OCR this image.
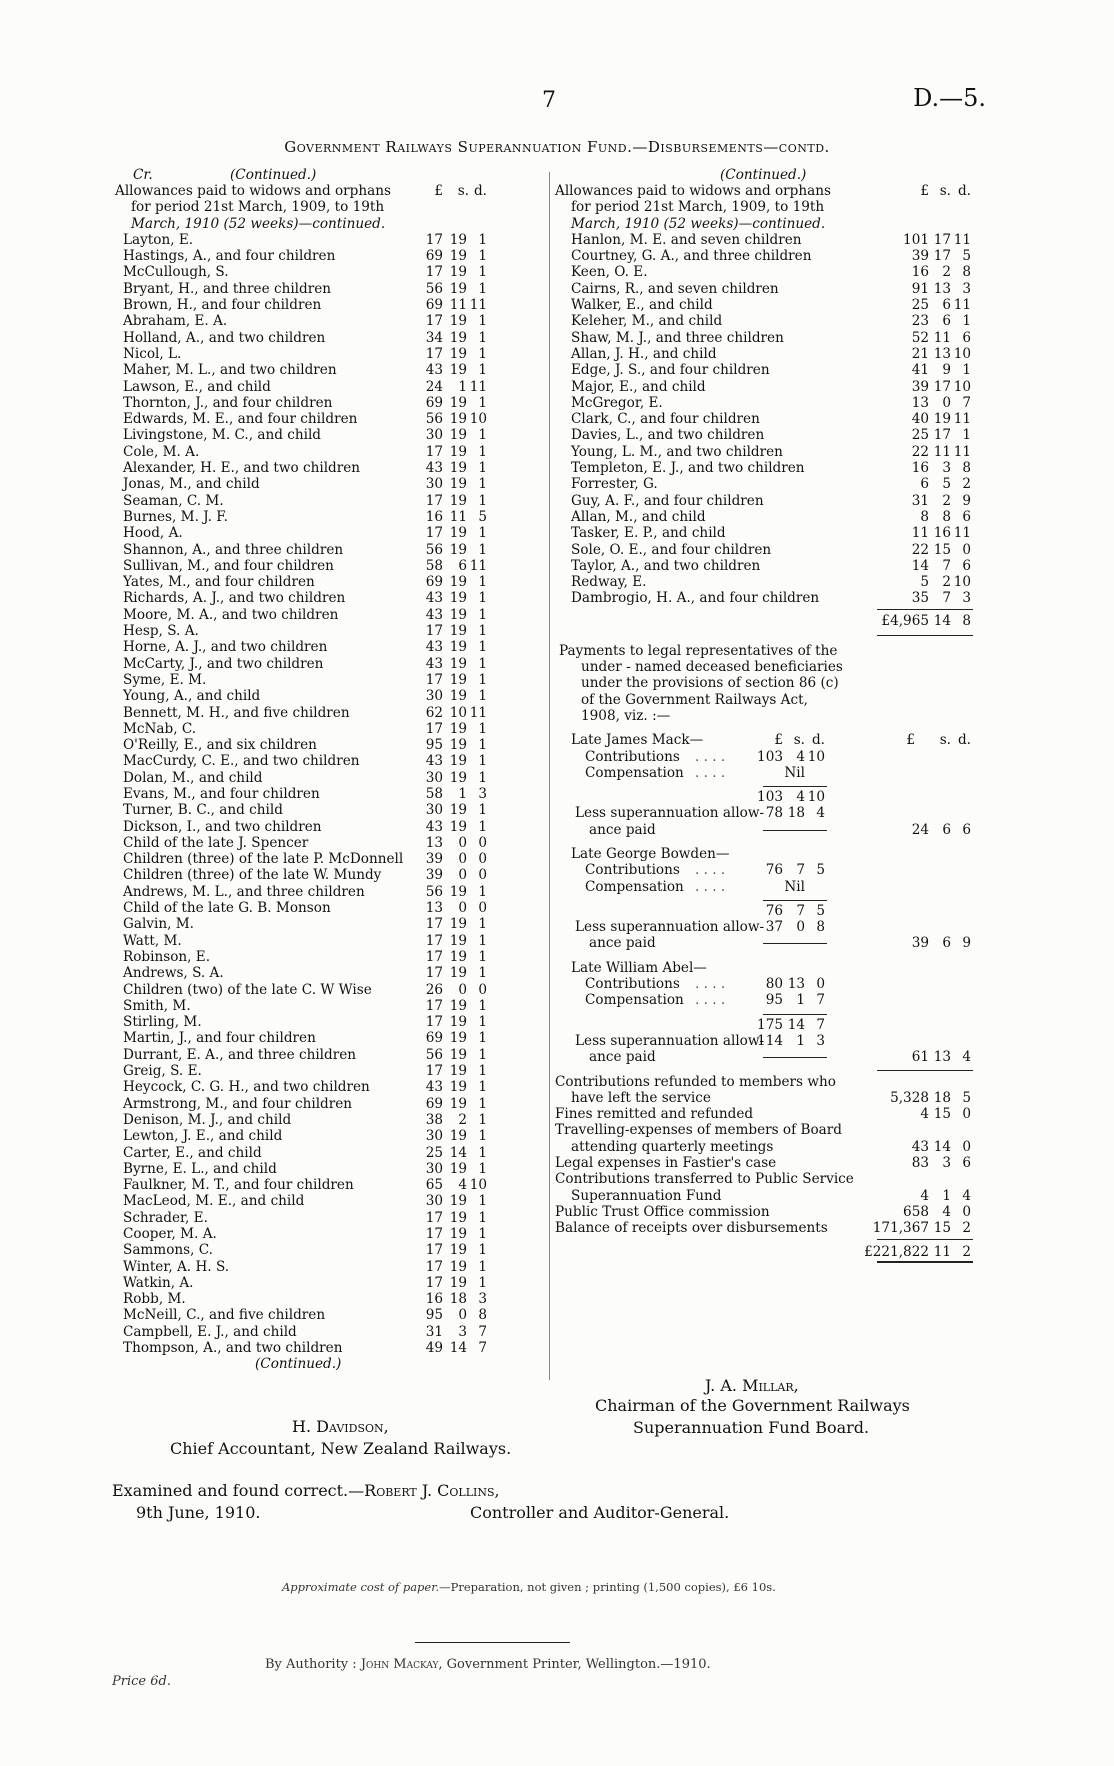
7	D.—5.
Government Railways Superannuation Fund.—Disbursements—contd.
Cr.	(Continued.)
Allowances paid to widows and orphans	£	s. d.
for period 21st March, 1909, to 19th
March, 1910 (52 weeks)—continued.
Layton, E.	17 19 1
Hastings, A., and four children	69 19 1
McCullough, S.	17 19 1
Bryant, H., and three children	56 19 1
Brown, H., and four children	69 11 11
Abraham, E. A.	17 19 1
Holland, A., and two children	34 19 1
Nicol, L.	17 19 1
Maher, M. L., and two children	43 19 1
Lawson, E., and child	24	1 11
Thornton, J., and four children	69 19 1
Edwards, M. E., and four children	56 19 10
Livingstone, M. C., and child	30 19 1
Cole, M. A.	17 19 1
Alexander, H. E., and two children	43 19 1
Jonas, M., and child	30 19 1
Seaman, C. M.	17 19 1
Burnes, M. J. F.	16 11 5
Hood, A.	17 19 1
Shannon, A., and three children	56 19 1
Sullivan, M., and four children	58	6 11
Yates, M., and four children	69 19 1
Richards, A. J., and two children	43 19 1
Moore, M. A., and two children	43 19 1
Hesp, S. A.	17 19 1
Horne, A. J., and two children	43 19 1
McCarty, J., and two children	43 19 1
Syme, E. M.	17 19 1
Young, A., and child	30 19 1
Bennett, M. H., and five children	62 10 11
McNab, C.	17 19 1
O'Reilly, E., and six children	95 19 1
MacCurdy, C. E., and two children	43 19 1
Dolan, M., and child	30 19 1
Evans, M., and four children	58	1 3
Turner, B. C., and child	30 19 1
Dickson, I., and two children	43 19 1
Child of the late J. Spencer	13	0 0
Children (three) of the late P. McDonnell	39	0 0
Children (three) of the late W. Mundy	39	0 0
Andrews, M. L., and three children	56 19 1
Child of the late G. B. Monson	13	0 0
Galvin, M.	17 19 1
Watt, M.	17 19 1
Robinson, E.	17 19 1
Andrews, S. A.	17 19 1
Children (two) of the late C. W Wise	26	0 0
Smith, M.	17 19 1
Stirling, M.	17 19 1
Martin, J., and four children	69 19 1
Durrant, E. A., and three children	56 19 1
Greig, S. E.	17 19 1
Heycock, C. G. H., and two children	43 19 1
Armstrong, M., and four children	69 19 1
Denison, M. J., and child	38	2 1
Lewton, J. E., and child	30 19 1
Carter, E., and child	25 14 1
Byrne, E. L., and child	30 19 1
Faulkner, M. T., and four children	65	4 10
MacLeod, M. E., and child	30 19 1
Schrader, E.	17 19 1
Cooper, M. A.	17 19 1
Sammons, C.	17 19 1
Winter, A. H. S.	17 19 1
Watkin, A.	17 19 1
Robb, M.	16 18 3
McNeill, C., and five children	95	0 8
Campbell, E. J., and child	31	3 7
Thompson, A., and two children	49 14 7
(Continued.)
(Continued.)
Allowances paid to widows and orphans	£ s. d.
for period 21st March, 1909, to 19th
March, 1910 (52 weeks)—continued.
Hanlon, M. E. and seven children	101 17 11
Courtney, G. A., and three children	39 17 5
Keen, O. E.	16 2 8
Cairns, R., and seven children	91 13 3
Walker, E., and child	25 6 11
Keleher, M., and child	23 6 1
Shaw, M. J., and three children	52 11 6
Allan, J. H., and child	21 13 10
Edge, J. S., and four children	41 9 1
Major, E., and child	39 17 10
McGregor, E.	13 0 7
Clark, C., and four children	40 19 11
Davies, L., and two children	25 17 1
Young, L. M., and two children	22 11 11
Templeton, E. J., and two children	16 3 8
Forrester, G.	6 5 2
Guy, A. F., and four children	31 2 9
Allan, M., and child	8 8 6
Tasker, E. P., and child	11 16 11
Sole, O. E., and four children	22 15 0
Taylor, A., and two children	14 7 6
Redway, E.	5 2 10
Dambrogio, H. A., and four children	35 7 3
£4,965 14 8
Payments to legal representatives of the
under - named deceased beneficiaries
under the provisions of section 86 (c)
of the Government Railways Act,
1908, viz. :—
Late James Mack—	£ s. d.	£	s. d.
Contributions . . . .	103 4 10
Compensation . . . .	Nil
103 4 10
Less superannuation allow- 78 18 4
ance paid	24 6 6
Late George Bowden—
Contributions . . . .	76 7 5
Compensation . . . .	Nil
76 7 5
Less superannuation allow- 37 0 8
ance paid	39 6 9
Late William Abel—
Contributions . . . .	80 13 0
Compensation . . . .	95 1 7
175 14 7
Less superannuation allow-
114 1 3
ance paid	61 13 4
Contributions refunded to members who
have left the service	5,328 18 5
Fines remitted and refunded	4 15 0
Travelling-expenses of members of Board
attending quarterly meetings	43 14 0
Legal expenses in Fastier's case	83 3 6
Contributions transferred to Public Service
Superannuation Fund	4 1 4
Public Trust Office commission	658 4 0
Balance of receipts over disbursements	171,367 15 2
£221,822 11 2
J. A. Millar,
Chairman of the Government Railways
Superannuation Fund Board.
H. Davidson,
Chief Accountant, New Zealand Railways.
Examined and found correct.—Robert J. Collins,
9th June, 1910.	Controller and Auditor-General.
Approximate cost of paper.—Preparation, not given ; printing (1,500 copies), £6 10s.
By Authority : John Mackay, Government Printer, Wellington.—1910.
Price 6d.
